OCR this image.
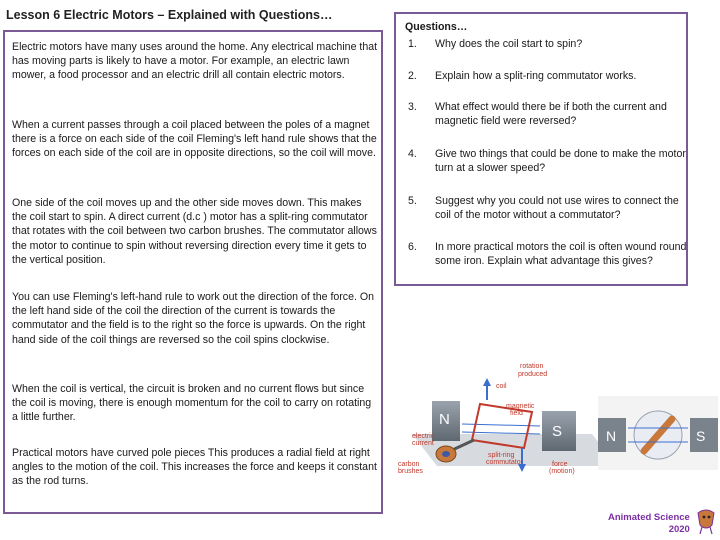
Lesson 6 Electric Motors – Explained with Questions…
Electric motors have many uses around the home. Any electrical machine that has moving parts is likely to have a motor. For example, an electric lawn mower, a food processor and an electric drill all contain electric motors.
When a current passes through a coil placed between the poles of a magnet there is a force on each side of the coil Fleming's left hand rule shows that the forces on each side of the coil are in opposite directions, so the coil will move.
One side of the coil moves up and the other side moves down. This makes the coil start to spin. A direct current (d.c ) motor has a split-ring commutator that rotates with the coil between two carbon brushes. The commutator allows the motor to continue to spin without reversing direction every time it gets to the vertical position.
You can use Fleming's left-hand rule to work out the direction of the force. On the left hand side of the coil the direction of the current is towards the commutator and the field is to the right so the force is upwards. On the right hand side of the coil things are reversed so the coil spins clockwise.
When the coil is vertical, the circuit is broken and no current flows but since the coil is moving, there is enough momentum for the coil to carry on rotating a little further.
Practical motors have curved pole pieces This produces a radial field at right angles to the motion of the coil. This increases the force and keeps it constant as the rod turns.
Questions…
1. Why does the coil start to spin?
2. Explain how a split-ring commutator works.
3. What effect would there be if both the current and magnetic field were reversed?
4. Give two things that could be done to make the motor turn at a slower speed?
5. Suggest why you could not use wires to connect the coil of the motor without a commutator?
6. In more practical motors the coil is often wound round some iron. Explain what advantage this gives?
N
S
rotation
produced
coil
magnetic
field
electric
current
carbon
brushes
split-ring
commutator	force
(motion)
N	S
Animated Science
2020
